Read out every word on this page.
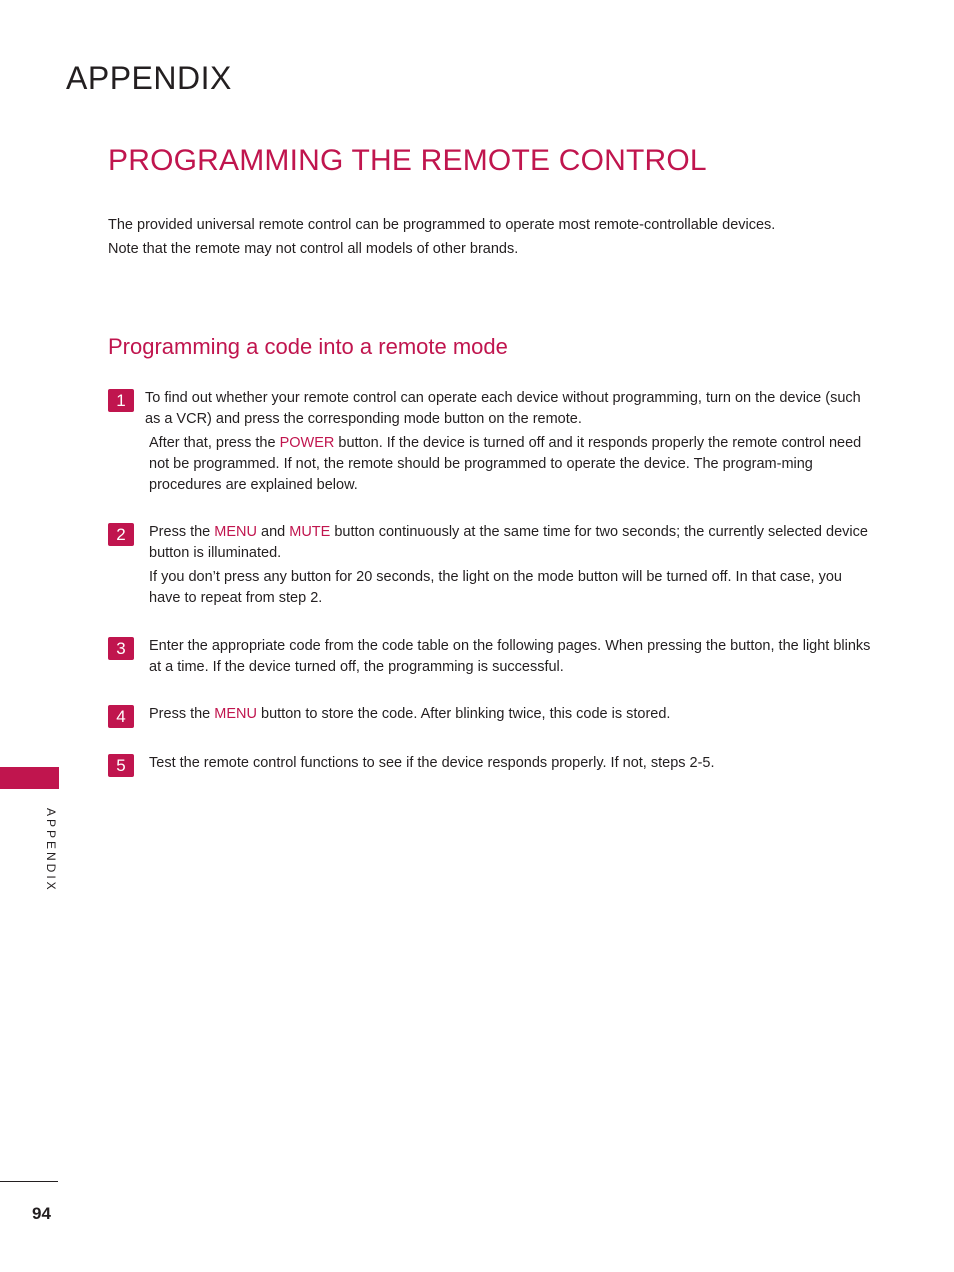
APPENDIX
PROGRAMMING THE REMOTE CONTROL

The provided universal remote control can be programmed to operate most remote-controllable devices.

Note that the remote may not control all models of other brands.

Programming a code into a remote mode
1	To find out whether your remote control can operate each device without programming, turn on the device (such as a VCR) and press the corresponding mode button on the remote.

After that, press the POWER button. If the device is turned off and it responds properly the remote control need not be programmed. If not, the remote should be programmed to operate the device. The program-ming procedures are explained below.

2	Press the MENU and MUTE button continuously at the same time for two seconds; the currently selected device button is illuminated.

If you don’t press any button for 20 seconds, the light on the mode button will be turned off. In that case, you have to repeat from step 2.

3	Enter the appropriate code from the code table on the following pages. When pressing the button, the light blinks at a time. If the device turned off, the programming is successful.

4	Press the MENU button to store the code. After blinking twice, this code is stored.

5	Test the remote control functions to see if the device responds properly. If not, steps 2-5.

APPENDIX
94
